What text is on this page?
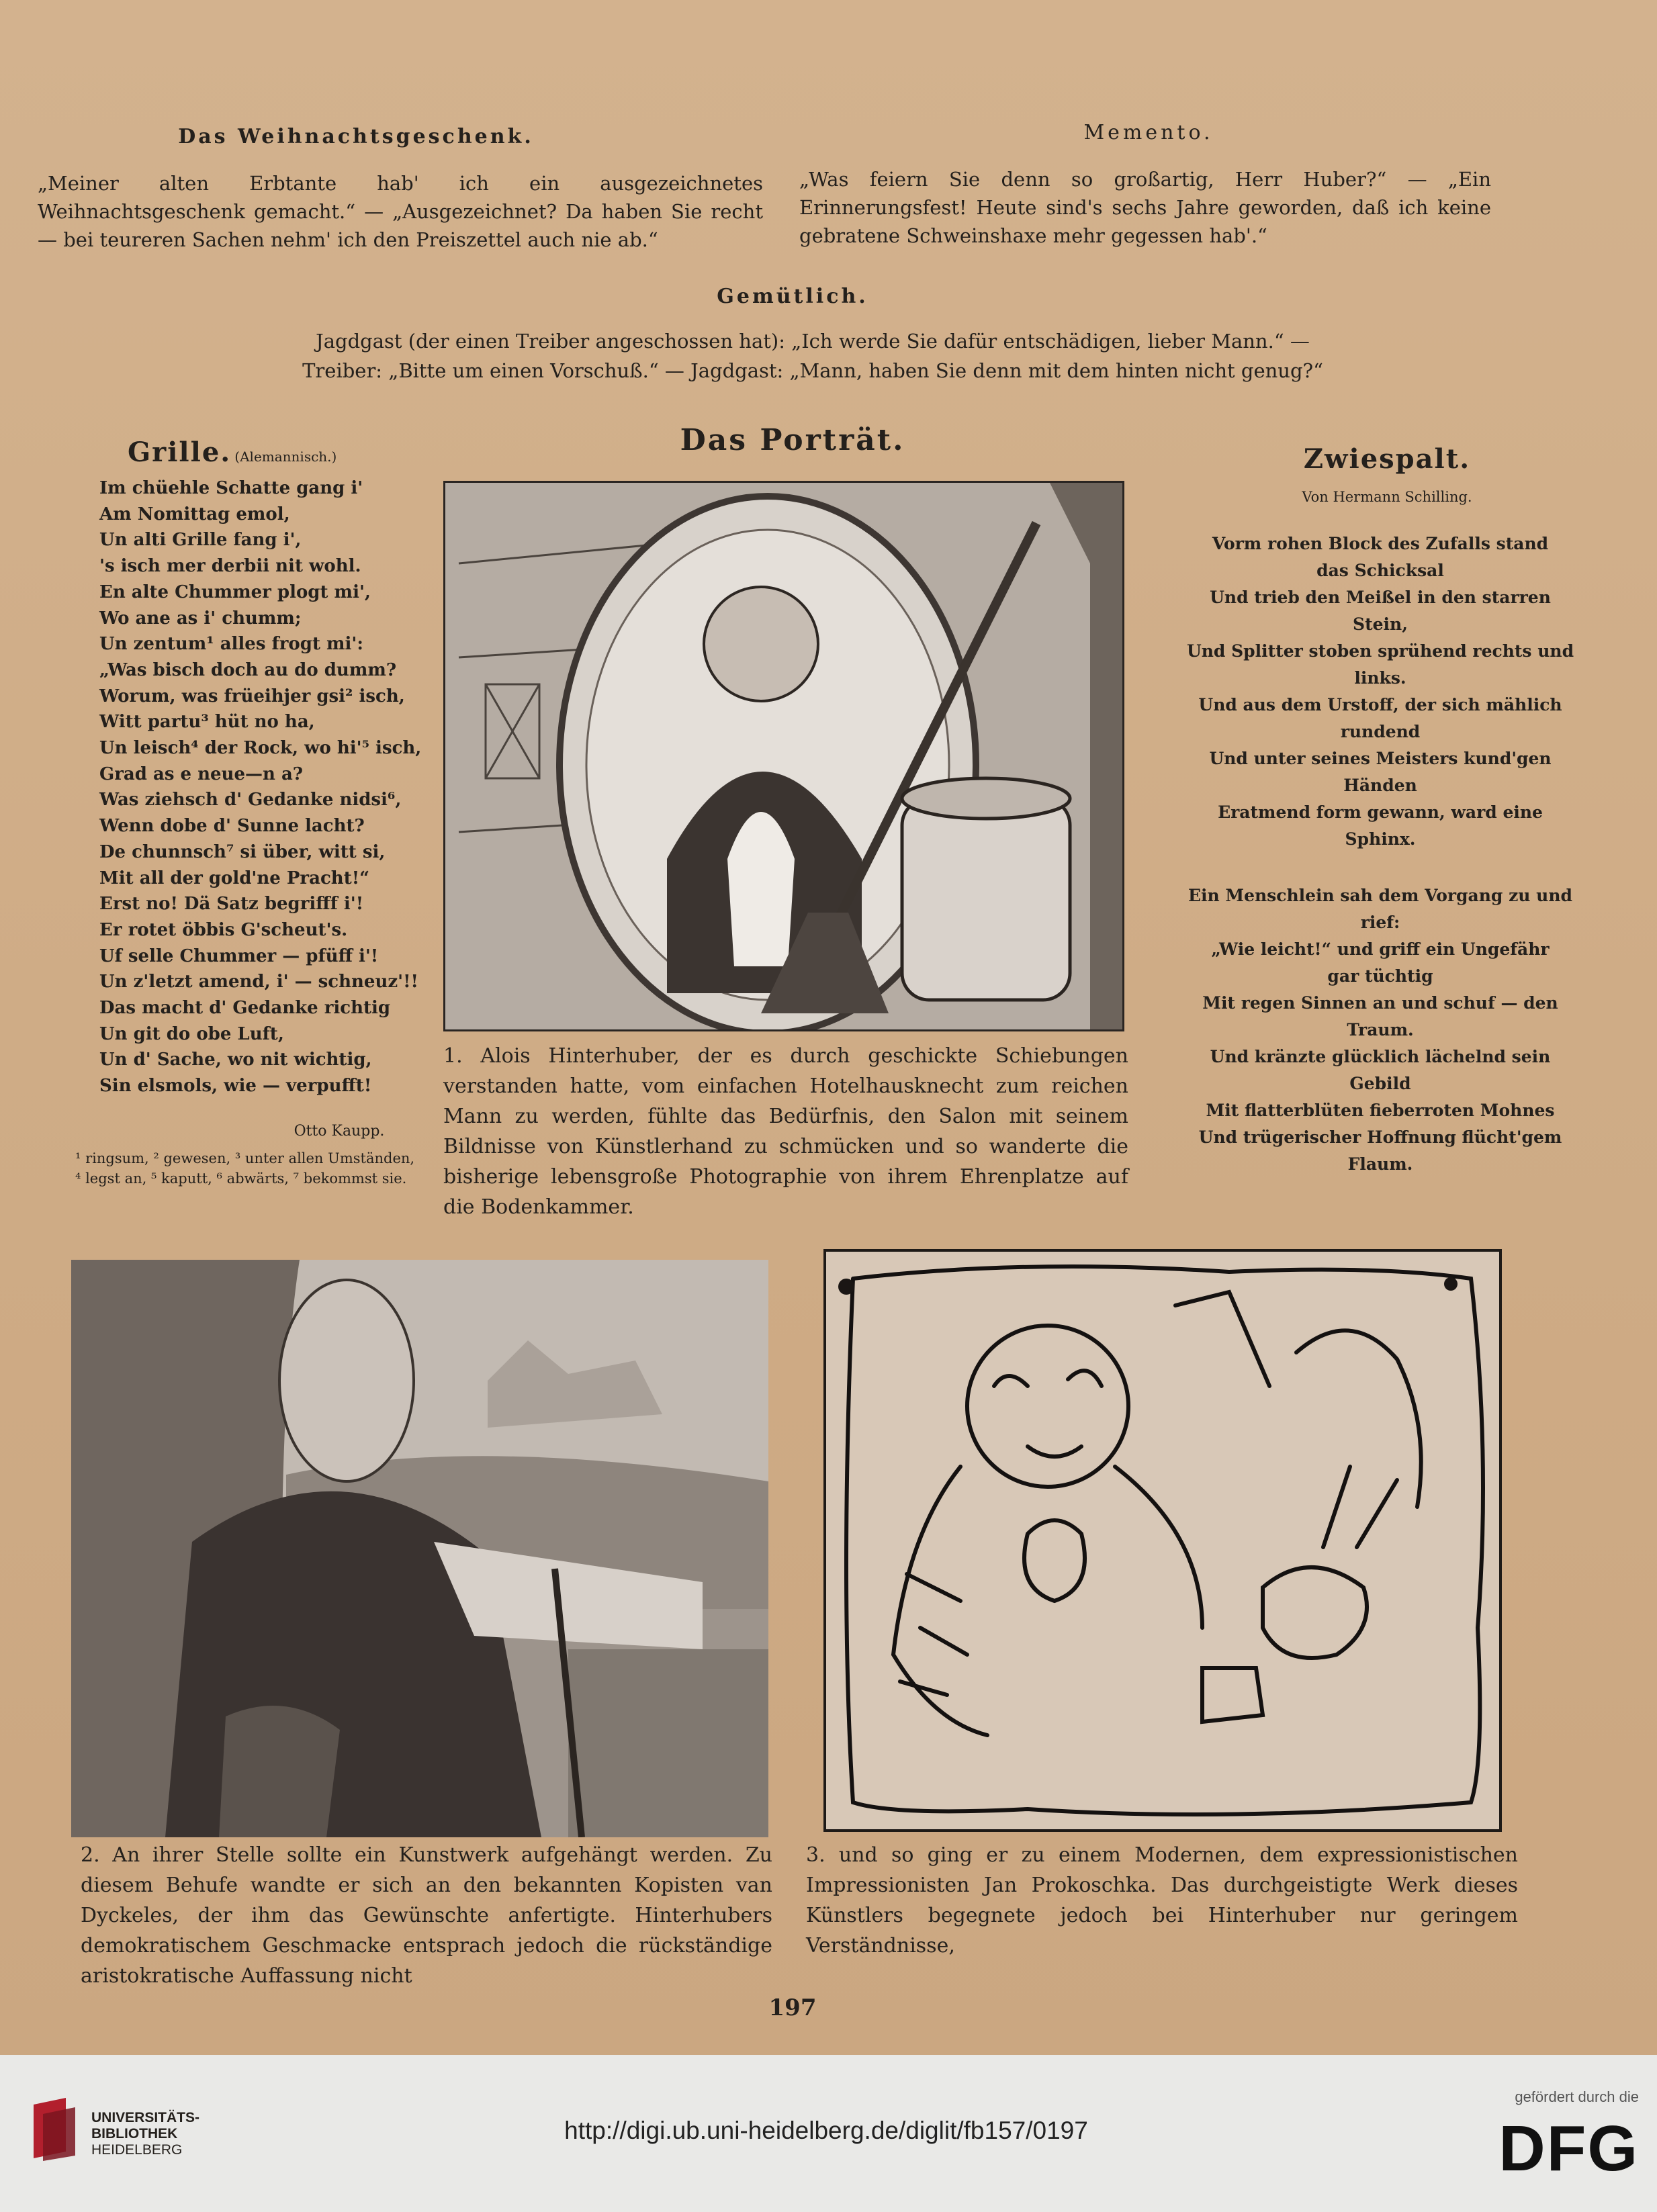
Das Weihnachtsgeschenk.
„Meiner alten Erbtante hab' ich ein ausgezeichnetes Weihnachtsgeschenk gemacht.“ — „Ausgezeichnet? Da haben Sie recht — bei teureren Sachen nehm' ich den Preiszettel auch nie ab.“
Memento.
„Was feiern Sie denn so großartig, Herr Huber?“ — „Ein Erinnerungsfest! Heute sind's sechs Jahre geworden, daß ich keine gebratene Schweinshaxe mehr gegessen hab'.“
Gemütlich.
Jagdgast (der einen Treiber angeschossen hat): „Ich werde Sie dafür entschädigen, lieber Mann.“ —
Treiber: „Bitte um einen Vorschuß.“ — Jagdgast: „Mann, haben Sie denn mit dem hinten nicht genug?“
Grille. (Alemannisch.)
Im chüehle Schatte gang i'
Am Nomittag emol,
Un alti Grille fang i',
's isch mer derbii nit wohl.
En alte Chummer plogt mi',
Wo ane as i' chumm;
Un zentum¹ alles frogt mi':
„Was bisch doch au do dumm?
Worum, was früeihjer gsi² isch,
Witt partu³ hüt no ha,
Un leisch⁴ der Rock, wo hi'⁵ isch,
Grad as e neue—n a?
Was ziehsch d' Gedanke nidsi⁶,
Wenn dobe d' Sunne lacht?
De chunnsch⁷ si über, witt si,
Mit all der gold'ne Pracht!“
Erst no! Dä Satz begrifff i'!
Er rotet öbbis G'scheut's.
Uf selle Chummer — pfüff i'!
Un z'letzt amend, i' — schneuz'!!
Das macht d' Gedanke richtig
Un git do obe Luft,
Un d' Sache, wo nit wichtig,
Sin elsmols, wie — verpufft!
Otto Kaupp.
¹ ringsum, ² gewesen, ³ unter allen Umständen, ⁴ legst an, ⁵ kaputt, ⁶ abwärts, ⁷ bekommst sie.
Das Porträt.
1. Alois Hinterhuber, der es durch geschickte Schiebungen verstanden hatte, vom einfachen Hotelhausknecht zum reichen Mann zu werden, fühlte das Bedürfnis, den Salon mit seinem Bildnisse von Künstlerhand zu schmücken und so wanderte die bisherige lebensgroße Photographie von ihrem Ehrenplatze auf die Bodenkammer.
Zwiespalt.
Von Hermann Schilling.
Vorm rohen Block des Zufalls stand
das Schicksal
Und trieb den Meißel in den starren
Stein,
Und Splitter stoben sprühend rechts und
links.
Und aus dem Urstoff, der sich mählich
rundend
Und unter seines Meisters kund'gen
Händen
Eratmend form gewann, ward eine
Sphinx.
Ein Menschlein sah dem Vorgang zu und
rief:
„Wie leicht!“ und griff ein Ungefähr
gar tüchtig
Mit regen Sinnen an und schuf — den
Traum.
Und kränzte glücklich lächelnd sein
Gebild
Mit flatterblüten fieberroten Mohnes
Und trügerischer Hoffnung flücht'gem
Flaum.
2. An ihrer Stelle sollte ein Kunstwerk aufgehängt werden. Zu diesem Behufe wandte er sich an den bekannten Kopisten van Dyckeles, der ihm das Gewünschte anfertigte. Hinterhubers demokratischem Geschmacke entsprach jedoch die rückständige aristokratische Auffassung nicht
3. und so ging er zu einem Modernen, dem expressionistischen Impressionisten Jan Prokoschka. Das durchgeistigte Werk dieses Künstlers begegnete jedoch bei Hinterhuber nur geringem Verständnisse,
197
UNIVERSITÄTS-
BIBLIOTHEK
HEIDELBERG
http://digi.ub.uni-heidelberg.de/diglit/fb157/0197
gefördert durch die
DFG
